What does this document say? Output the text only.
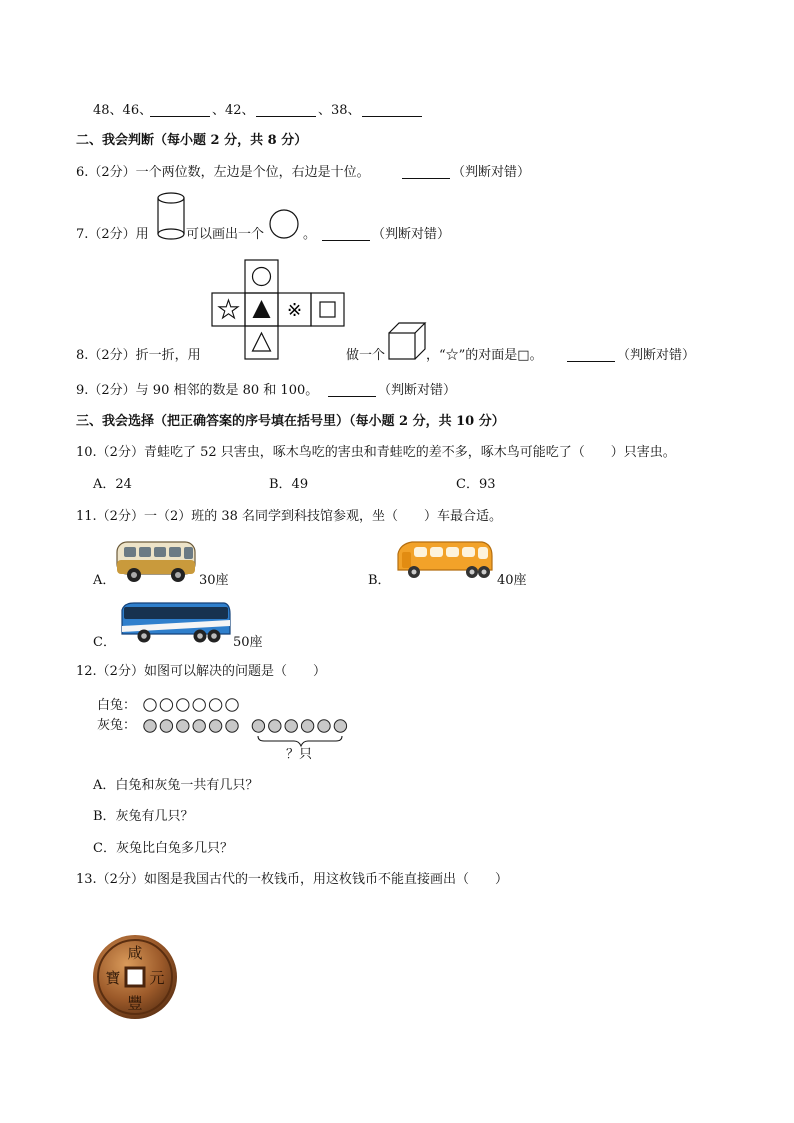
48、46、	、42、	、38、
二、我会判断（每小题 2 分，共 8 分）
6.（2分）一个两位数，左边是个位，右边是十位。	（判断对错）
7.（2分）用	可以画出一个	。	（判断对错）
※
8.（2分）折一折，用	做一个	，“☆”的对面是□。	（判断对错）
9.（2分）与 90 相邻的数是 80 和 100。	（判断对错）
三、我会选择（把正确答案的序号填在括号里）（每小题 2 分，共 10 分）
10.（2分）青蛙吃了 52 只害虫，啄木鸟吃的害虫和青蛙吃的差不多，啄木鸟可能吃了（　　）只害虫。
A．24	B．49	C．93
11.（2分）一（2）班的 38 名同学到科技馆参观，坐（　　）车最合适。
A．	30座	B．	40座
C．	50座
12.（2分）如图可以解决的问题是（　　）
白兔：
灰兔：
？只
A．白兔和灰兔一共有几只？
B．灰兔有几只？
C．灰兔比白兔多几只？
13.（2分）如图是我国古代的一枚钱币，用这枚钱币不能直接画出（　　）
咸
元
豐
寶
